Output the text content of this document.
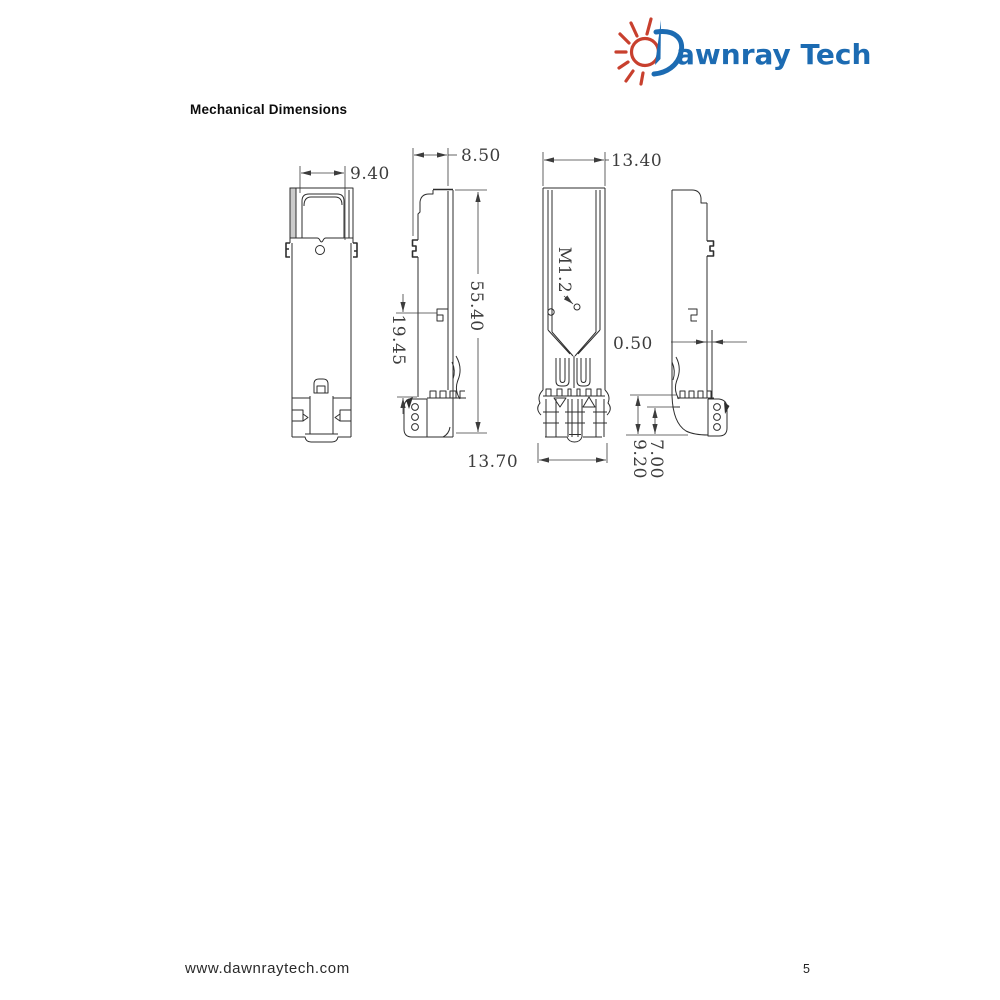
awnray Tech
Mechanical Dimensions
9.40
8.50
55.40
19.45
13.70
13.40
M1.2
0.50
9.20
7.00
www.dawnraytech.com	5
